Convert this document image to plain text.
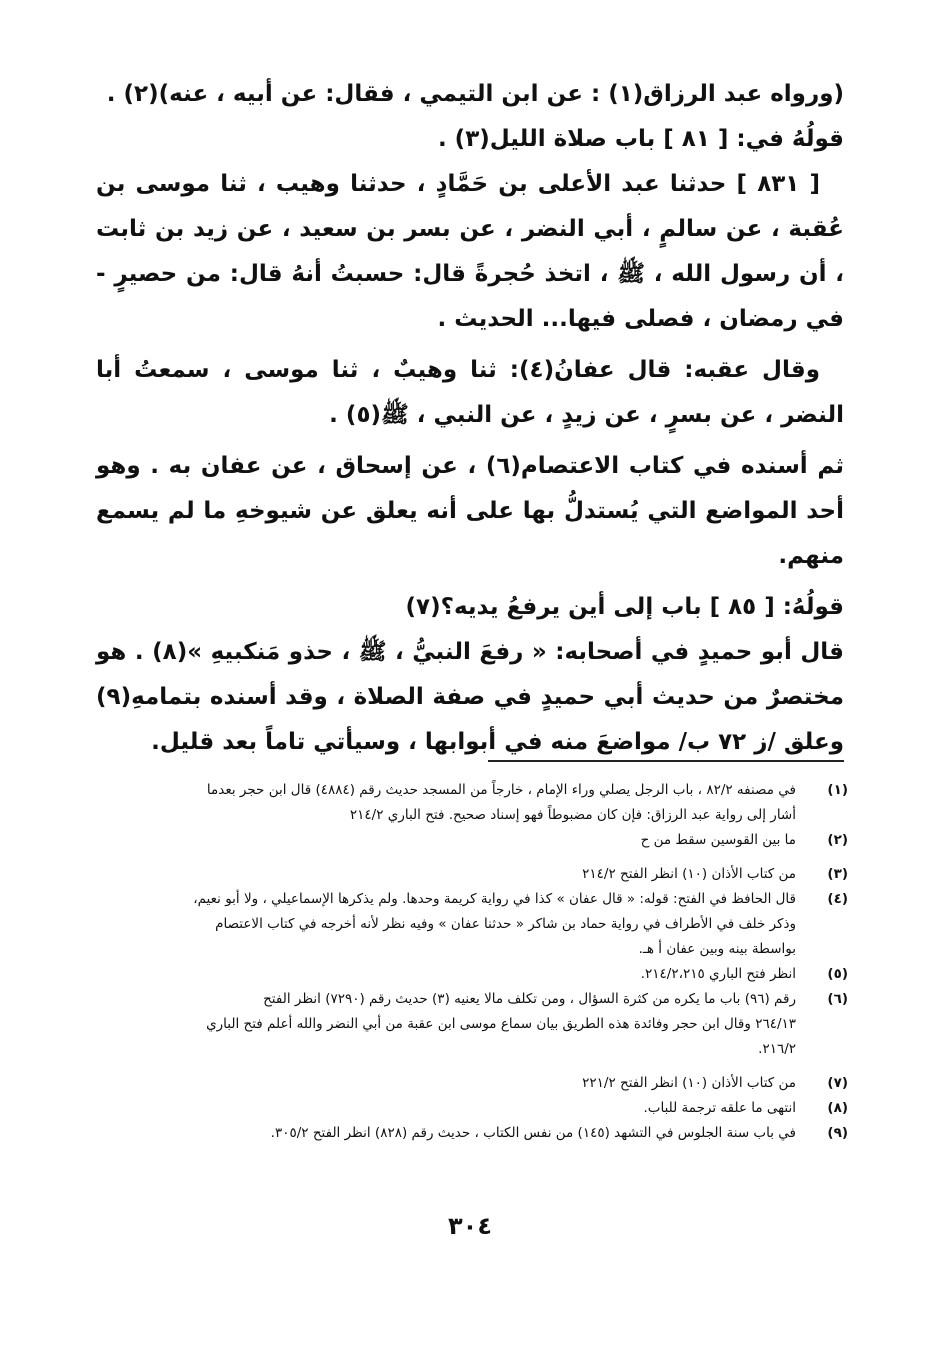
(ورواه عبد الرزاق(١) : عن ابن التيمي ، فقال: عن أبيه ، عنه)(٢) .

قولُهُ في: [ ٨١ ] باب صلاة الليل(٣) .

[ ٨٣١ ] حدثنا عبد الأعلى بن حَمَّادٍ ، حدثنا وهيب ، ثنا موسى بن عُقبة ، عن سالمٍ ، أبي النضر ، عن بسر بن سعيد ، عن زيد بن ثابت ، أن رسول الله ، ﷺ ، اتخذ حُجرةً قال: حسبتُ أنهُ قال: من حصيرٍ - في رمضان ، فصلى فيها... الحديث .

وقال عقبه: قال عفانُ(٤): ثنا وهيبٌ ، ثنا موسى ، سمعتُ أبا النضر ، عن بسرٍ ، عن زيدٍ ، عن النبي ، ﷺ(٥) .

ثم أسنده في كتاب الاعتصام(٦) ، عن إسحاق ، عن عفان به . وهو أحد المواضع التي يُستدلُّ بها على أنه يعلق عن شيوخهِ ما لم يسمع منهم.

قولُهُ: [ ٨٥ ] باب إلى أين يرفعُ يديه؟(٧)

قال أبو حميدٍ في أصحابه: « رفعَ النبيُّ ، ﷺ ، حذو مَنكبيهِ »(٨) . هو مختصرٌ من حديث أبي حميدٍ في صفة الصلاة ، وقد أسنده بتمامهِ(٩) وعلق /ز ٧٢ ب/ مواضعَ منه في أبوابها ، وسيأتي تاماً بعد قليل.

(١)
في مصنفه ٨٢/٢ ، باب الرجل يصلي وراء الإمام ، خارجاً من المسجد حديث رقم (٤٨٨٤) قال ابن حجر بعدما
أشار إلى رواية عبد الرزاق: فإن كان مضبوطاً فهو إسناد صحيح. فتح الباري ٢١٤/٢
(٢)
ما بين القوسين سقط من ح
(٣)
من كتاب الأذان (١٠) انظر الفتح ٢١٤/٢
(٤)
قال الحافظ في الفتح: قوله: « قال عفان » كذا في رواية كريمة وحدها. ولم يذكرها الإسماعيلي ، ولا أبو نعيم،
وذكر خلف في الأطراف في رواية حماد بن شاكر « حدثنا عفان » وفيه نظر لأنه أخرجه في كتاب الاعتصام
بواسطة بينه وبين عفان أ هـ.
(٥)
انظر فتح الباري ٢١٤/٢،٢١٥.
(٦)
رقم (٩٦) باب ما يكره من كثرة السؤال ، ومن تكلف مالا يعنيه (٣) حديث رقم (٧٢٩٠) انظر الفتح
٢٦٤/١٣ وقال ابن حجر وفائدة هذه الطريق بيان سماع موسى ابن عقبة من أبي النضر والله أعلم فتح الباري
٢١٦/٢.
(٧)
من كتاب الأذان (١٠) انظر الفتح ٢٢١/٢
(٨)
انتهى ما علقه ترجمة للباب.
(٩)
في باب سنة الجلوس في التشهد (١٤٥) من نفس الكتاب ، حديث رقم (٨٢٨) انظر الفتح ٣٠٥/٢.
٣٠٤
